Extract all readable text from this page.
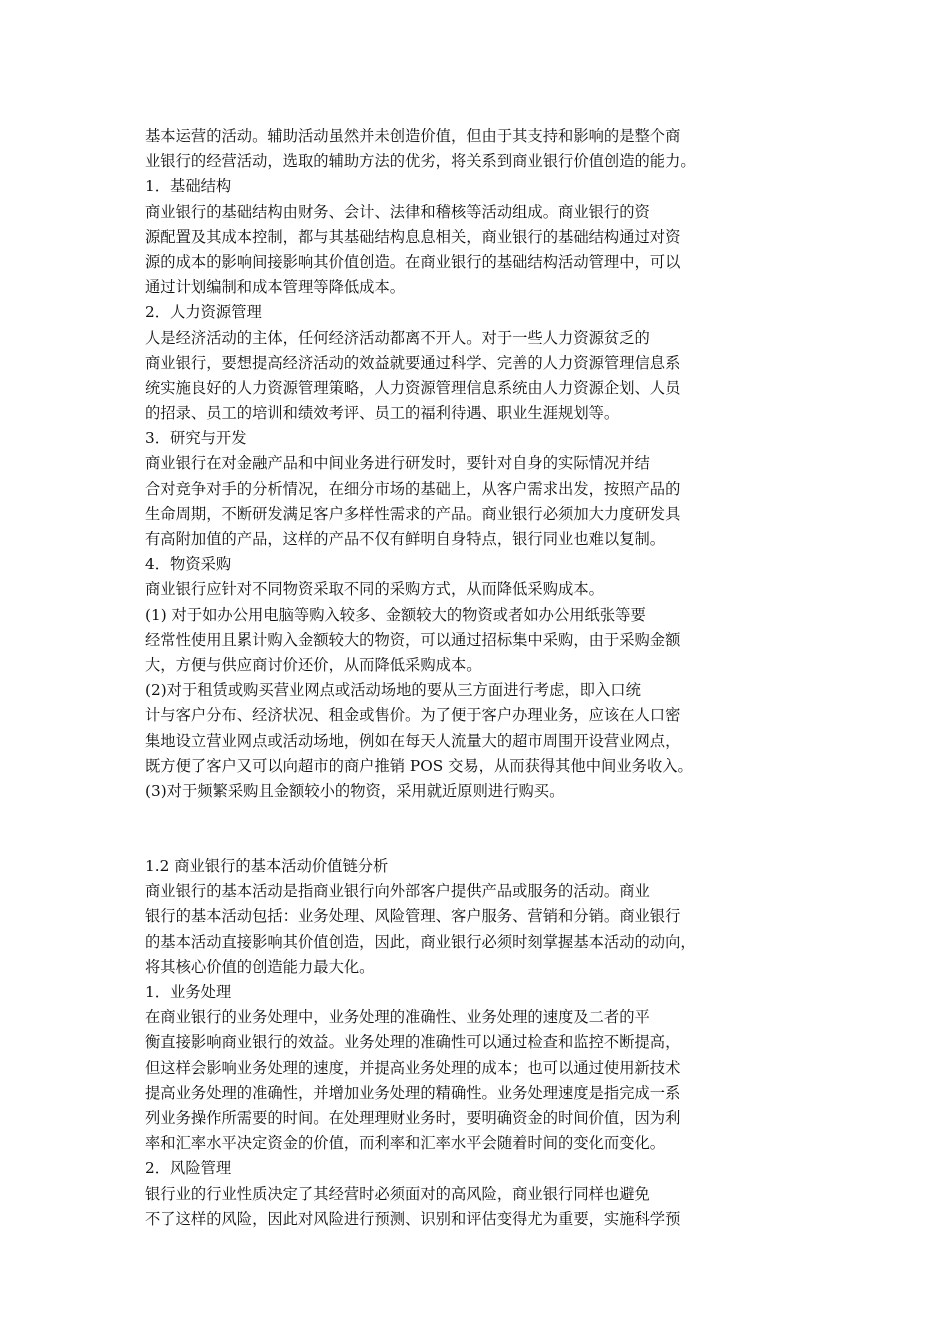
基本运营的活动。辅助活动虽然并未创造价值，但由于其支持和影响的是整个商
业银行的经营活动，选取的辅助方法的优劣，将关系到商业银行价值创造的能力。
1．基础结构
商业银行的基础结构由财务、会计、法律和稽核等活动组成。商业银行的资
源配置及其成本控制，都与其基础结构息息相关，商业银行的基础结构通过对资
源的成本的影响间接影响其价值创造。在商业银行的基础结构活动管理中，可以
通过计划编制和成本管理等降低成本。
2．人力资源管理
人是经济活动的主体，任何经济活动都离不开人。对于一些人力资源贫乏的
商业银行，要想提高经济活动的效益就要通过科学、完善的人力资源管理信息系
统实施良好的人力资源管理策略，人力资源管理信息系统由人力资源企划、人员
的招录、员工的培训和绩效考评、员工的福利待遇、职业生涯规划等。
3．研究与开发
商业银行在对金融产品和中间业务进行研发时，要针对自身的实际情况并结
合对竞争对手的分析情况，在细分市场的基础上，从客户需求出发，按照产品的
生命周期，不断研发满足客户多样性需求的产品。商业银行必须加大力度研发具
有高附加值的产品，这样的产品不仅有鲜明自身特点，银行同业也难以复制。
4．物资采购
商业银行应针对不同物资采取不同的采购方式，从而降低采购成本。
(1) 对于如办公用电脑等购入较多、金额较大的物资或者如办公用纸张等要
经常性使用且累计购入金额较大的物资，可以通过招标集中采购，由于采购金额
大，方便与供应商讨价还价，从而降低采购成本。
(2)对于租赁或购买营业网点或活动场地的要从三方面进行考虑，即入口统
计与客户分布、经济状况、租金或售价。为了便于客户办理业务，应该在人口密
集地设立营业网点或活动场地，例如在每天人流量大的超市周围开设营业网点，
既方便了客户又可以向超市的商户推销 POS 交易，从而获得其他中间业务收入。
(3)对于频繁采购且金额较小的物资，采用就近原则进行购买。
1.2 商业银行的基本活动价值链分析
商业银行的基本活动是指商业银行向外部客户提供产品或服务的活动。商业
银行的基本活动包括：业务处理、风险管理、客户服务、营销和分销。商业银行
的基本活动直接影响其价值创造，因此，商业银行必须时刻掌握基本活动的动向，
将其核心价值的创造能力最大化。
1．业务处理
在商业银行的业务处理中，业务处理的准确性、业务处理的速度及二者的平
衡直接影响商业银行的效益。业务处理的准确性可以通过检查和监控不断提高，
但这样会影响业务处理的速度，并提高业务处理的成本；也可以通过使用新技术
提高业务处理的准确性，并增加业务处理的精确性。业务处理速度是指完成一系
列业务操作所需要的时间。在处理理财业务时，要明确资金的时间价值，因为利
率和汇率水平决定资金的价值，而利率和汇率水平会随着时间的变化而变化。
2．风险管理
银行业的行业性质决定了其经营时必须面对的高风险，商业银行同样也避免
不了这样的风险，因此对风险进行预测、识别和评估变得尤为重要，实施科学预
